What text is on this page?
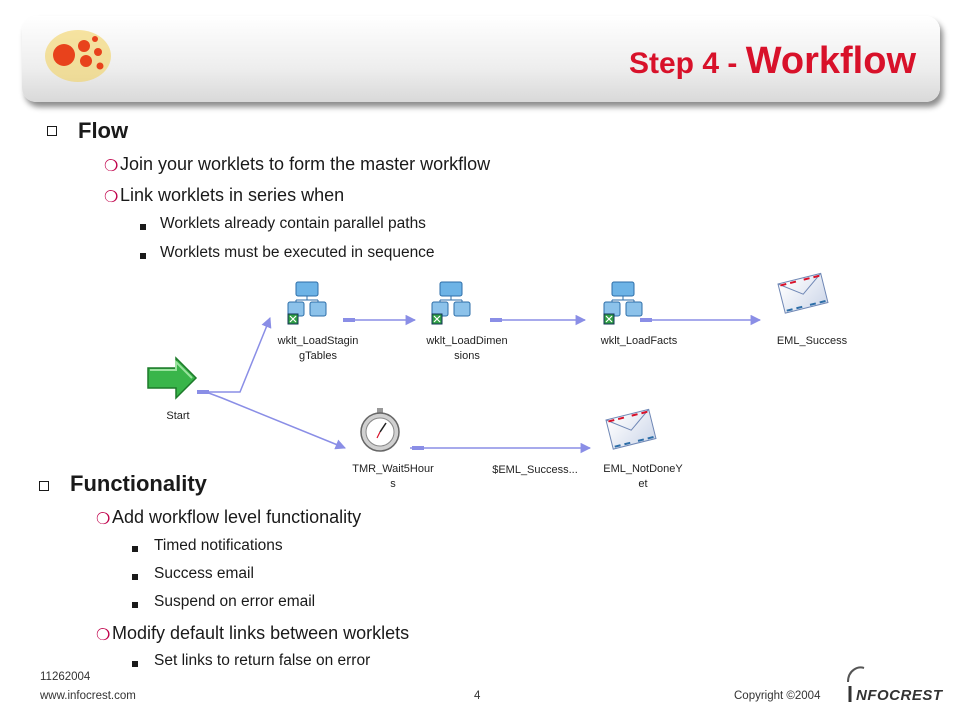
Step 4 - Workflow
Flow
❍ Join your worklets to form the master workflow
❍ Link worklets in series when
Worklets already contain parallel paths
Worklets must be executed in sequence
wklt_LoadStagin
gTables
wklt_LoadDimen
sions
wklt_LoadFacts	EML_Success
Start
TMR_Wait5Hour
s
$EML_Success...	EML_NotDoneY
et
Functionality
❍ Add workflow level functionality
Timed notifications
Success email
Suspend on error email
❍ Modify default links between worklets
Set links to return false on error
11262004
www.infocrest.com	4	Copyright ©2004 NFOCREST
